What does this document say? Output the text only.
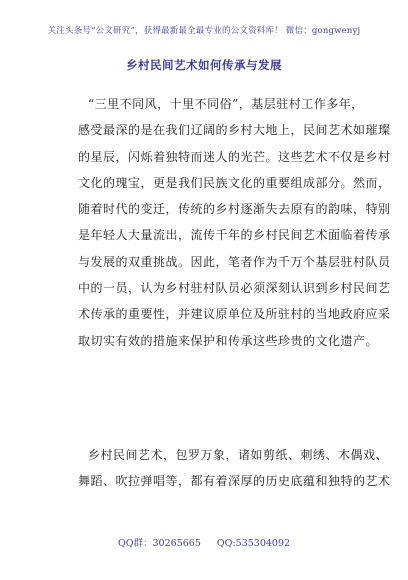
关注头条号“公文研究”，获得最新最全最专业的公文资料库！ 微信：gongwenyj
乡村民间艺术如何传承与发展
“三里不同风，十里不同俗”，基层驻村工作多年，
感受最深的是在我们辽阔的乡村大地上，民间艺术如璀璨
的星辰，闪烁着独特而迷人的光芒。这些艺术不仅是乡村
文化的瑰宝，更是我们民族文化的重要组成部分。然而，
随着时代的变迁，传统的乡村逐渐失去原有的韵味，特别
是年轻人大量流出，流传千年的乡村民间艺术面临着传承
与发展的双重挑战。因此，笔者作为千万个基层驻村队员
中的一员，认为乡村驻村队员必须深刻认识到乡村民间艺
术传承的重要性，并建议原单位及所驻村的当地政府应采
取切实有效的措施来保护和传承这些珍贵的文化遗产。
乡村民间艺术，包罗万象，诸如剪纸、刺绣、木偶戏、
舞蹈、吹拉弹唱等，都有着深厚的历史底蕴和独特的艺术
QQ群：30265665 QQ:535304092
